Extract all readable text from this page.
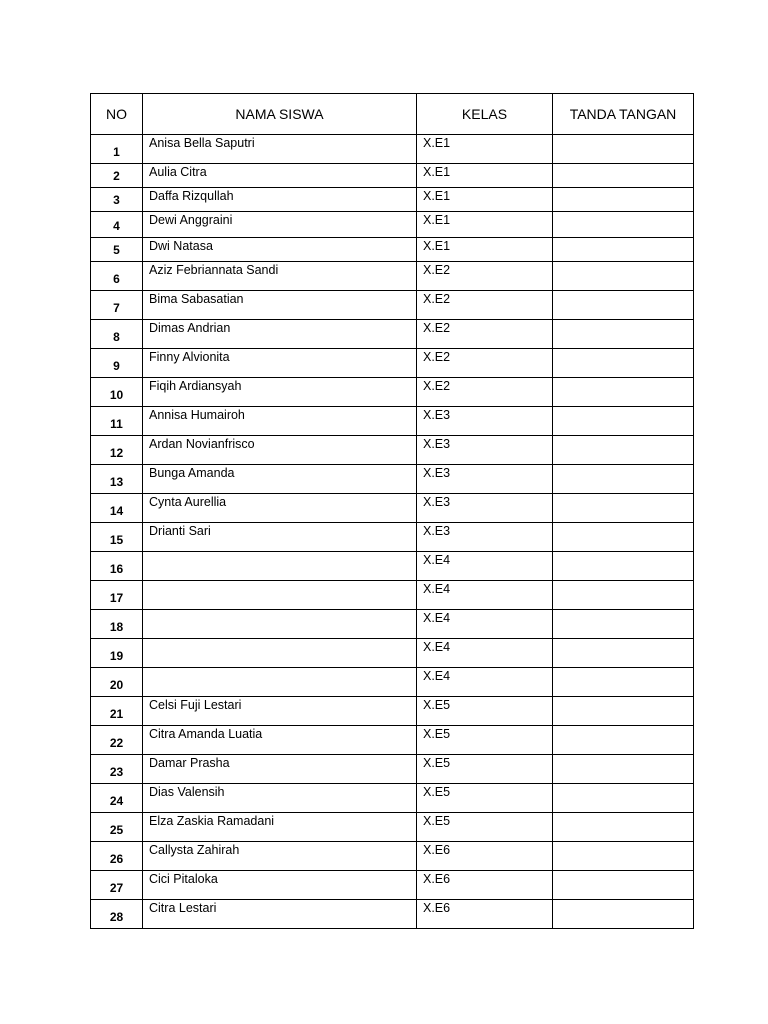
NO	NAMA SISWA	KELAS	TANDA TANGAN
1	Anisa Bella Saputri	X.E1	
2	Aulia Citra	X.E1	
3	Daffa Rizqullah	X.E1	
4	Dewi Anggraini	X.E1	
5	Dwi Natasa	X.E1	
6	Aziz Febriannata Sandi	X.E2	
7	Bima Sabasatian	X.E2	
8	Dimas Andrian	X.E2	
9	Finny Alvionita	X.E2	
10	Fiqih Ardiansyah	X.E2	
11	Annisa Humairoh	X.E3	
12	Ardan Novianfrisco	X.E3	
13	Bunga Amanda	X.E3	
14	Cynta Aurellia	X.E3	
15	Drianti Sari	X.E3	
16		X.E4	
17		X.E4	
18		X.E4	
19		X.E4	
20		X.E4	
21	Celsi Fuji Lestari	X.E5	
22	Citra Amanda Luatia	X.E5	
23	Damar Prasha	X.E5	
24	Dias Valensih	X.E5	
25	Elza Zaskia Ramadani	X.E5	
26	Callysta Zahirah	X.E6	
27	Cici Pitaloka	X.E6	
28	Citra Lestari	X.E6	
